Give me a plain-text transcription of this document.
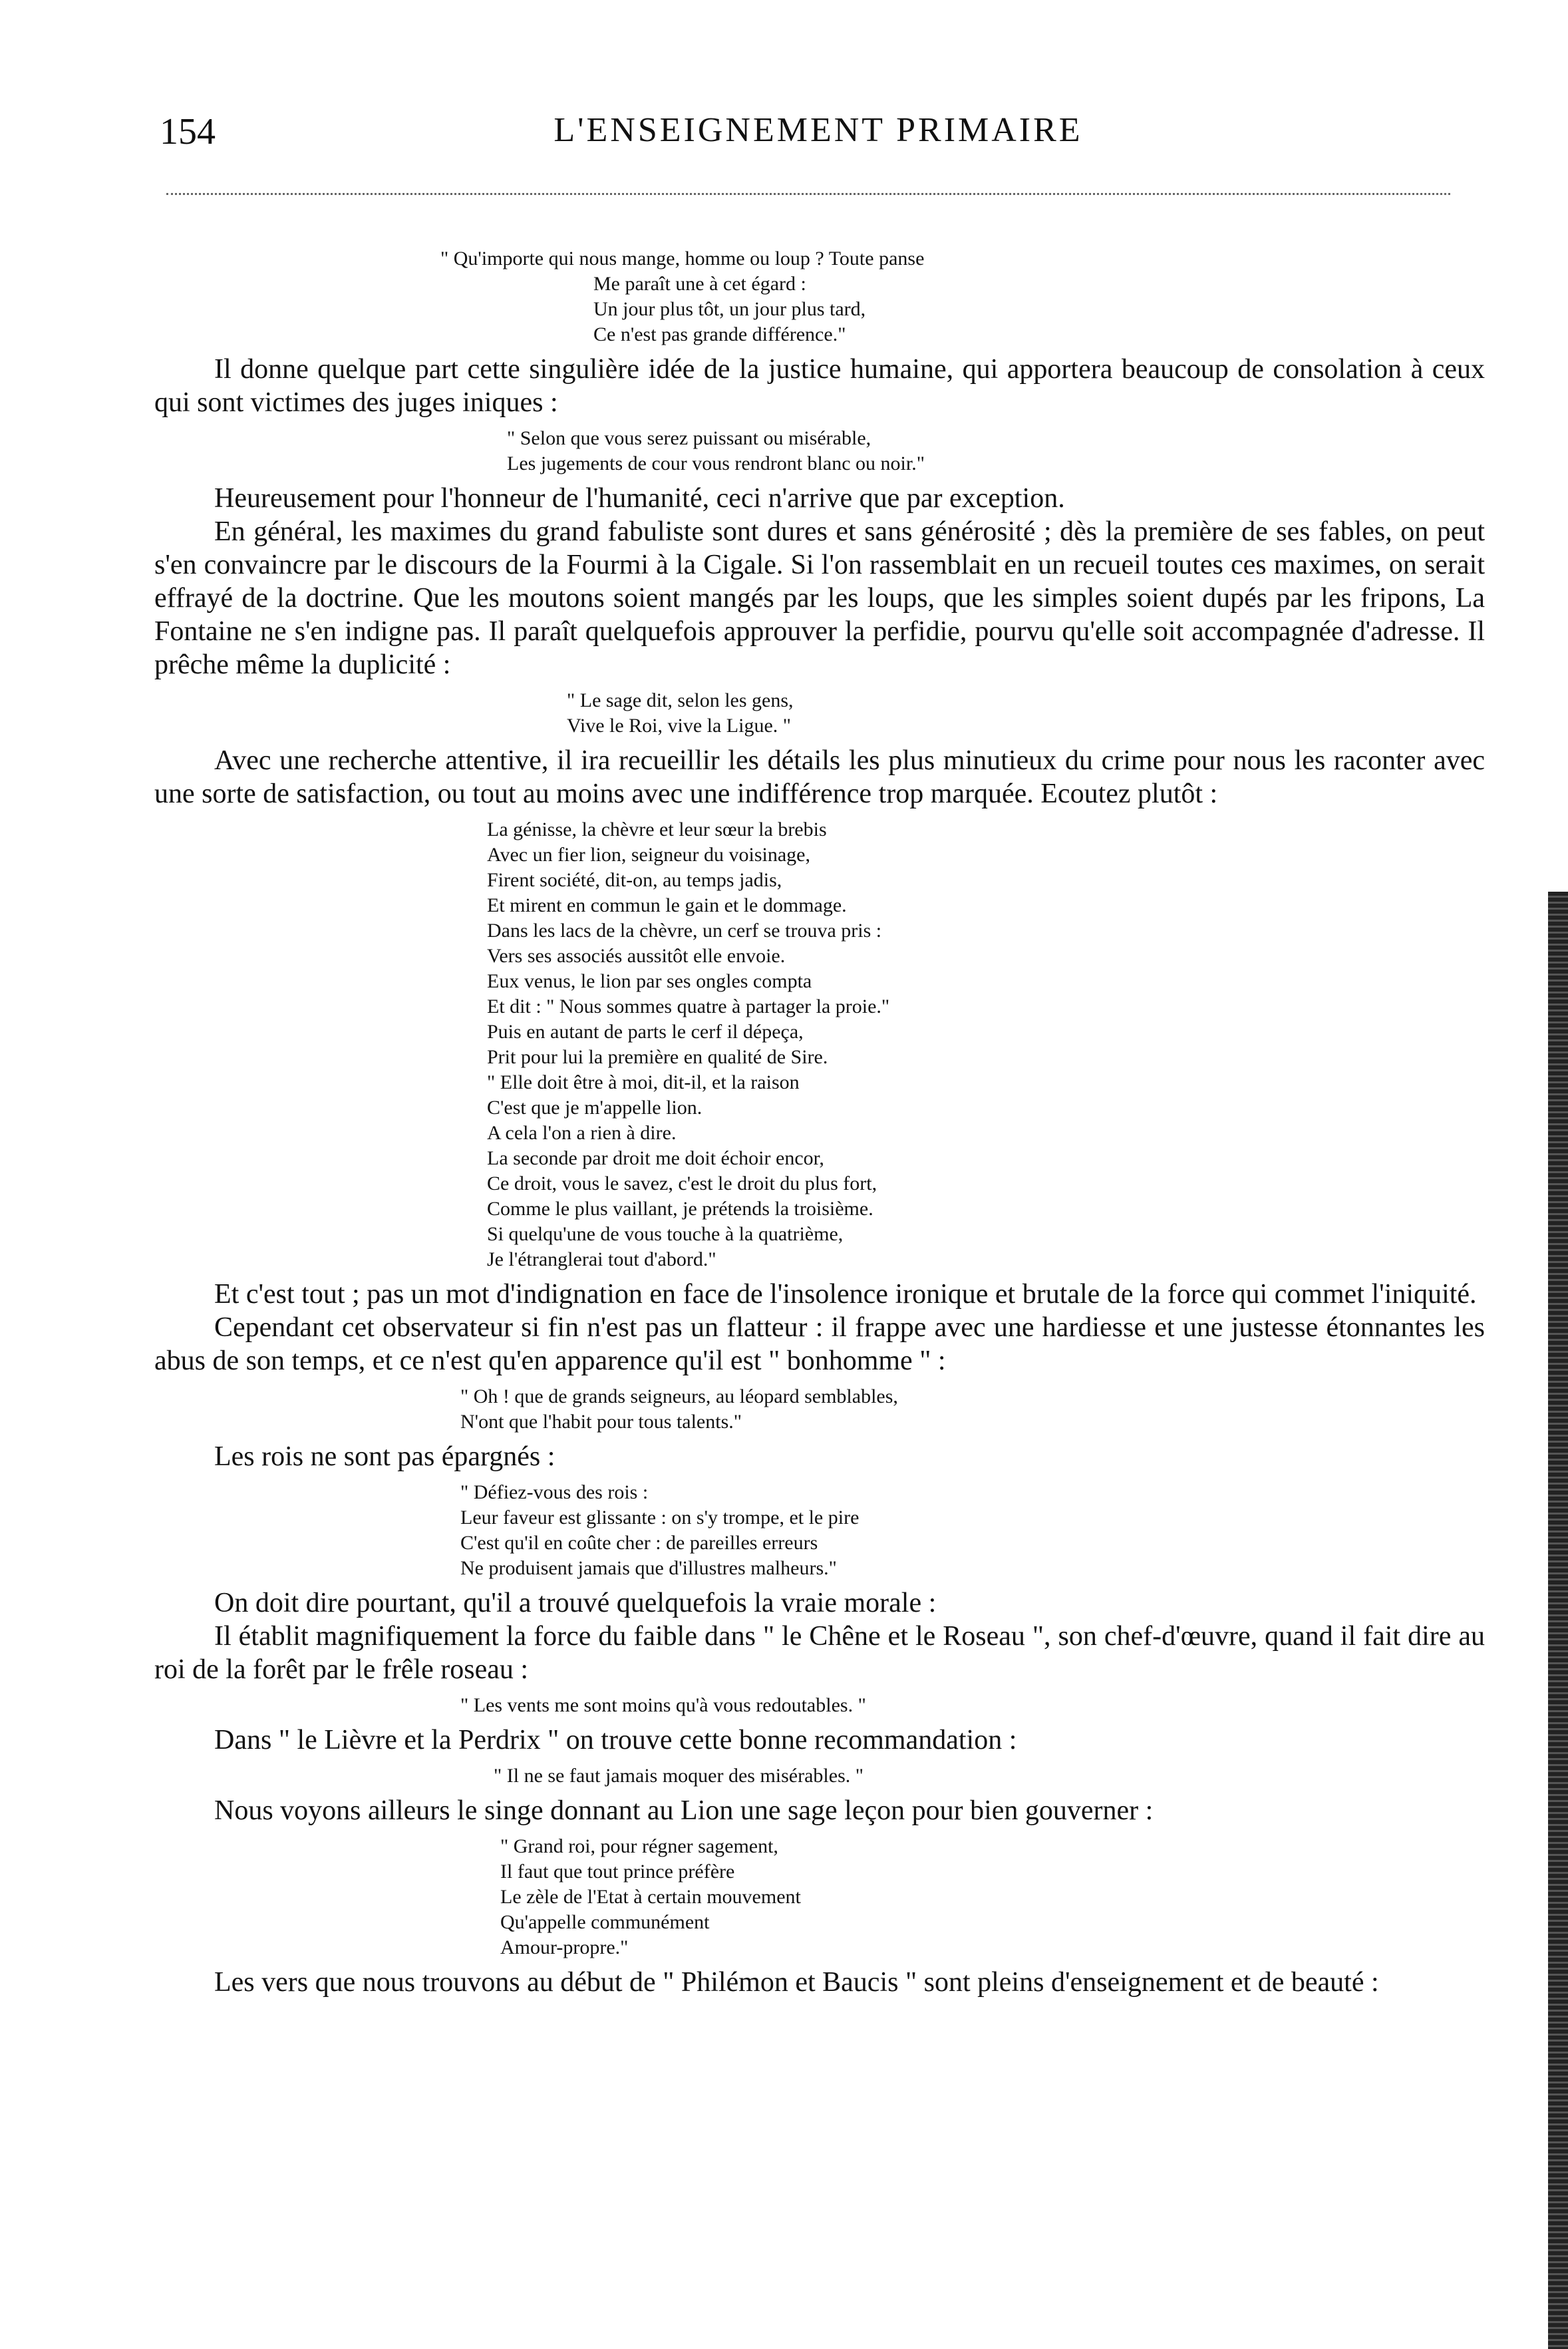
154	L'ENSEIGNEMENT PRIMAIRE
" Qu'importe qui nous mange, homme ou loup ? Toute panse
Me paraît une à cet égard :
Un jour plus tôt, un jour plus tard,
Ce n'est pas grande différence."

Il donne quelque part cette singulière idée de la justice humaine, qui apportera beaucoup de consolation à ceux qui sont victimes des juges iniques :

" Selon que vous serez puissant ou misérable,
Les jugements de cour vous rendront blanc ou noir."

Heureusement pour l'honneur de l'humanité, ceci n'arrive que par exception.

En général, les maximes du grand fabuliste sont dures et sans générosité ; dès la première de ses fables, on peut s'en convaincre par le discours de la Fourmi à la Cigale. Si l'on rassemblait en un recueil toutes ces maximes, on serait effrayé de la doctrine. Que les moutons soient mangés par les loups, que les simples soient dupés par les fripons, La Fontaine ne s'en indigne pas. Il paraît quelquefois approuver la perfidie, pourvu qu'elle soit accompagnée d'adresse. Il prêche même la duplicité :

" Le sage dit, selon les gens,
Vive le Roi, vive la Ligue. "

Avec une recherche attentive, il ira recueillir les détails les plus minutieux du crime pour nous les raconter avec une sorte de satisfaction, ou tout au moins avec une indifférence trop marquée. Ecoutez plutôt :

La génisse, la chèvre et leur sœur la brebis
Avec un fier lion, seigneur du voisinage,
Firent société, dit-on, au temps jadis,
Et mirent en commun le gain et le dommage.
Dans les lacs de la chèvre, un cerf se trouva pris :
Vers ses associés aussitôt elle envoie.
Eux venus, le lion par ses ongles compta
Et dit : " Nous sommes quatre à partager la proie."
Puis en autant de parts le cerf il dépeça,
Prit pour lui la première en qualité de Sire.
" Elle doit être à moi, dit-il, et la raison
C'est que je m'appelle lion.
A cela l'on a rien à dire.
La seconde par droit me doit échoir encor,
Ce droit, vous le savez, c'est le droit du plus fort,
Comme le plus vaillant, je prétends la troisième.
Si quelqu'une de vous touche à la quatrième,
Je l'étranglerai tout d'abord."

Et c'est tout ; pas un mot d'indignation en face de l'insolence ironique et brutale de la force qui commet l'iniquité.

Cependant cet observateur si fin n'est pas un flatteur : il frappe avec une hardiesse et une justesse étonnantes les abus de son temps, et ce n'est qu'en apparence qu'il est " bonhomme " :

" Oh ! que de grands seigneurs, au léopard semblables,
N'ont que l'habit pour tous talents."

Les rois ne sont pas épargnés :

" Défiez-vous des rois :
Leur faveur est glissante : on s'y trompe, et le pire
C'est qu'il en coûte cher : de pareilles erreurs
Ne produisent jamais que d'illustres malheurs."

On doit dire pourtant, qu'il a trouvé quelquefois la vraie morale :

Il établit magnifiquement la force du faible dans " le Chêne et le Roseau ", son chef-d'œuvre, quand il fait dire au roi de la forêt par le frêle roseau :

" Les vents me sont moins qu'à vous redoutables. "

Dans " le Lièvre et la Perdrix " on trouve cette bonne recommandation :

" Il ne se faut jamais moquer des misérables. "

Nous voyons ailleurs le singe donnant au Lion une sage leçon pour bien gouverner :

" Grand roi, pour régner sagement,
Il faut que tout prince préfère
Le zèle de l'Etat à certain mouvement
Qu'appelle communément
Amour-propre."

Les vers que nous trouvons au début de " Philémon et Baucis " sont pleins d'enseignement et de beauté :
